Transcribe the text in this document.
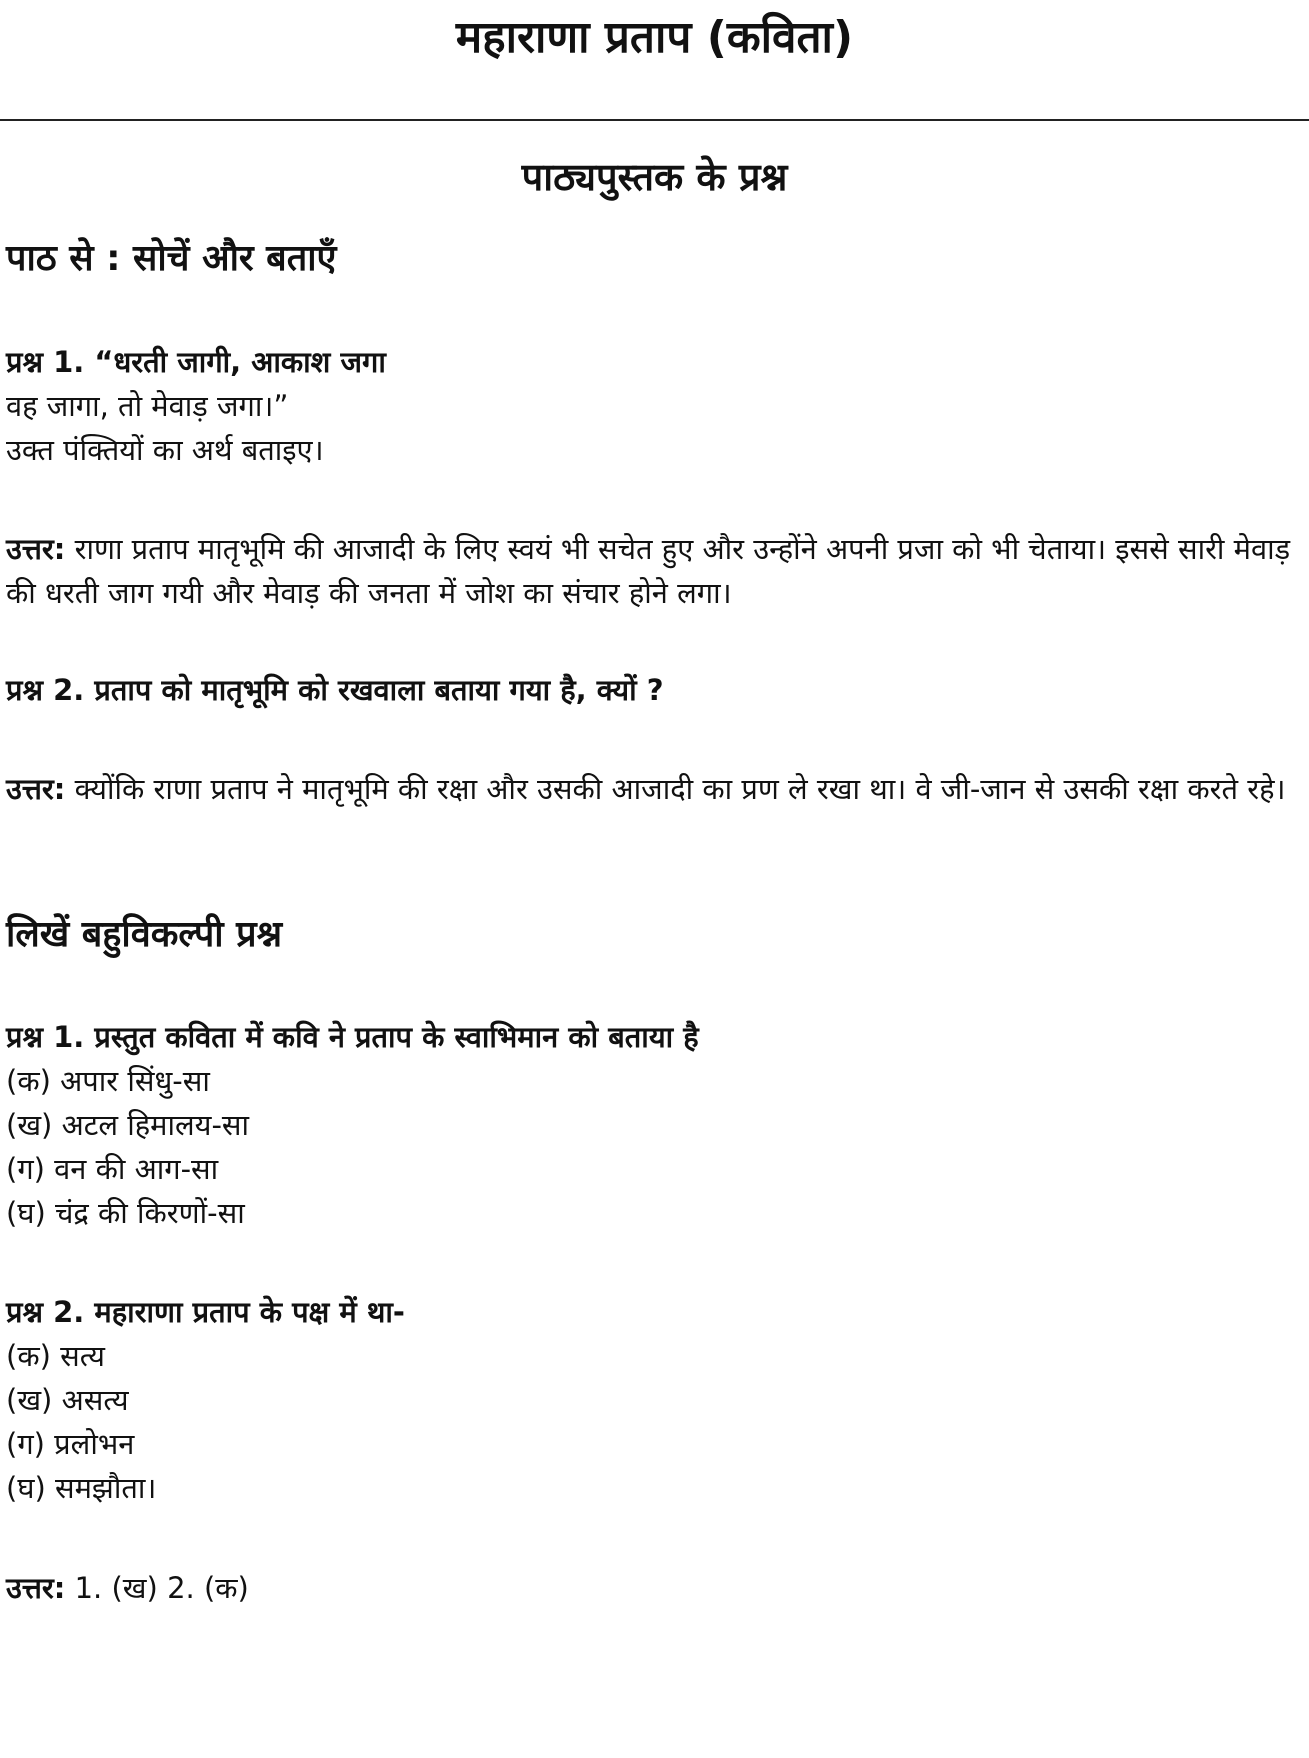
महाराणा प्रताप (कविता)
पाठ्यपुस्तक के प्रश्न
पाठ से : सोचें और बताएँ
प्रश्न 1. “धरती जागी, आकाश जगा
वह जागा, तो मेवाड़ जगा।”
उक्त पंक्तियों का अर्थ बताइए।
उत्तर: राणा प्रताप मातृभूमि की आजादी के लिए स्वयं भी सचेत हुए और उन्होंने अपनी प्रजा को भी चेताया। इससे सारी मेवाड़ की धरती जाग गयी और मेवाड़ की जनता में जोश का संचार होने लगा।
प्रश्न 2. प्रताप को मातृभूमि को रखवाला बताया गया है, क्यों ?
उत्तर: क्योंकि राणा प्रताप ने मातृभूमि की रक्षा और उसकी आजादी का प्रण ले रखा था। वे जी-जान से उसकी रक्षा करते रहे।
लिखें बहुविकल्पी प्रश्न
प्रश्न 1. प्रस्तुत कविता में कवि ने प्रताप के स्वाभिमान को बताया है
(क) अपार सिंधु-सा
(ख) अटल हिमालय-सा
(ग) वन की आग-सा
(घ) चंद्र की किरणों-सा
प्रश्न 2. महाराणा प्रताप के पक्ष में था-
(क) सत्य
(ख) असत्य
(ग) प्रलोभन
(घ) समझौता।
उत्तर: 1. (ख) 2. (क)
